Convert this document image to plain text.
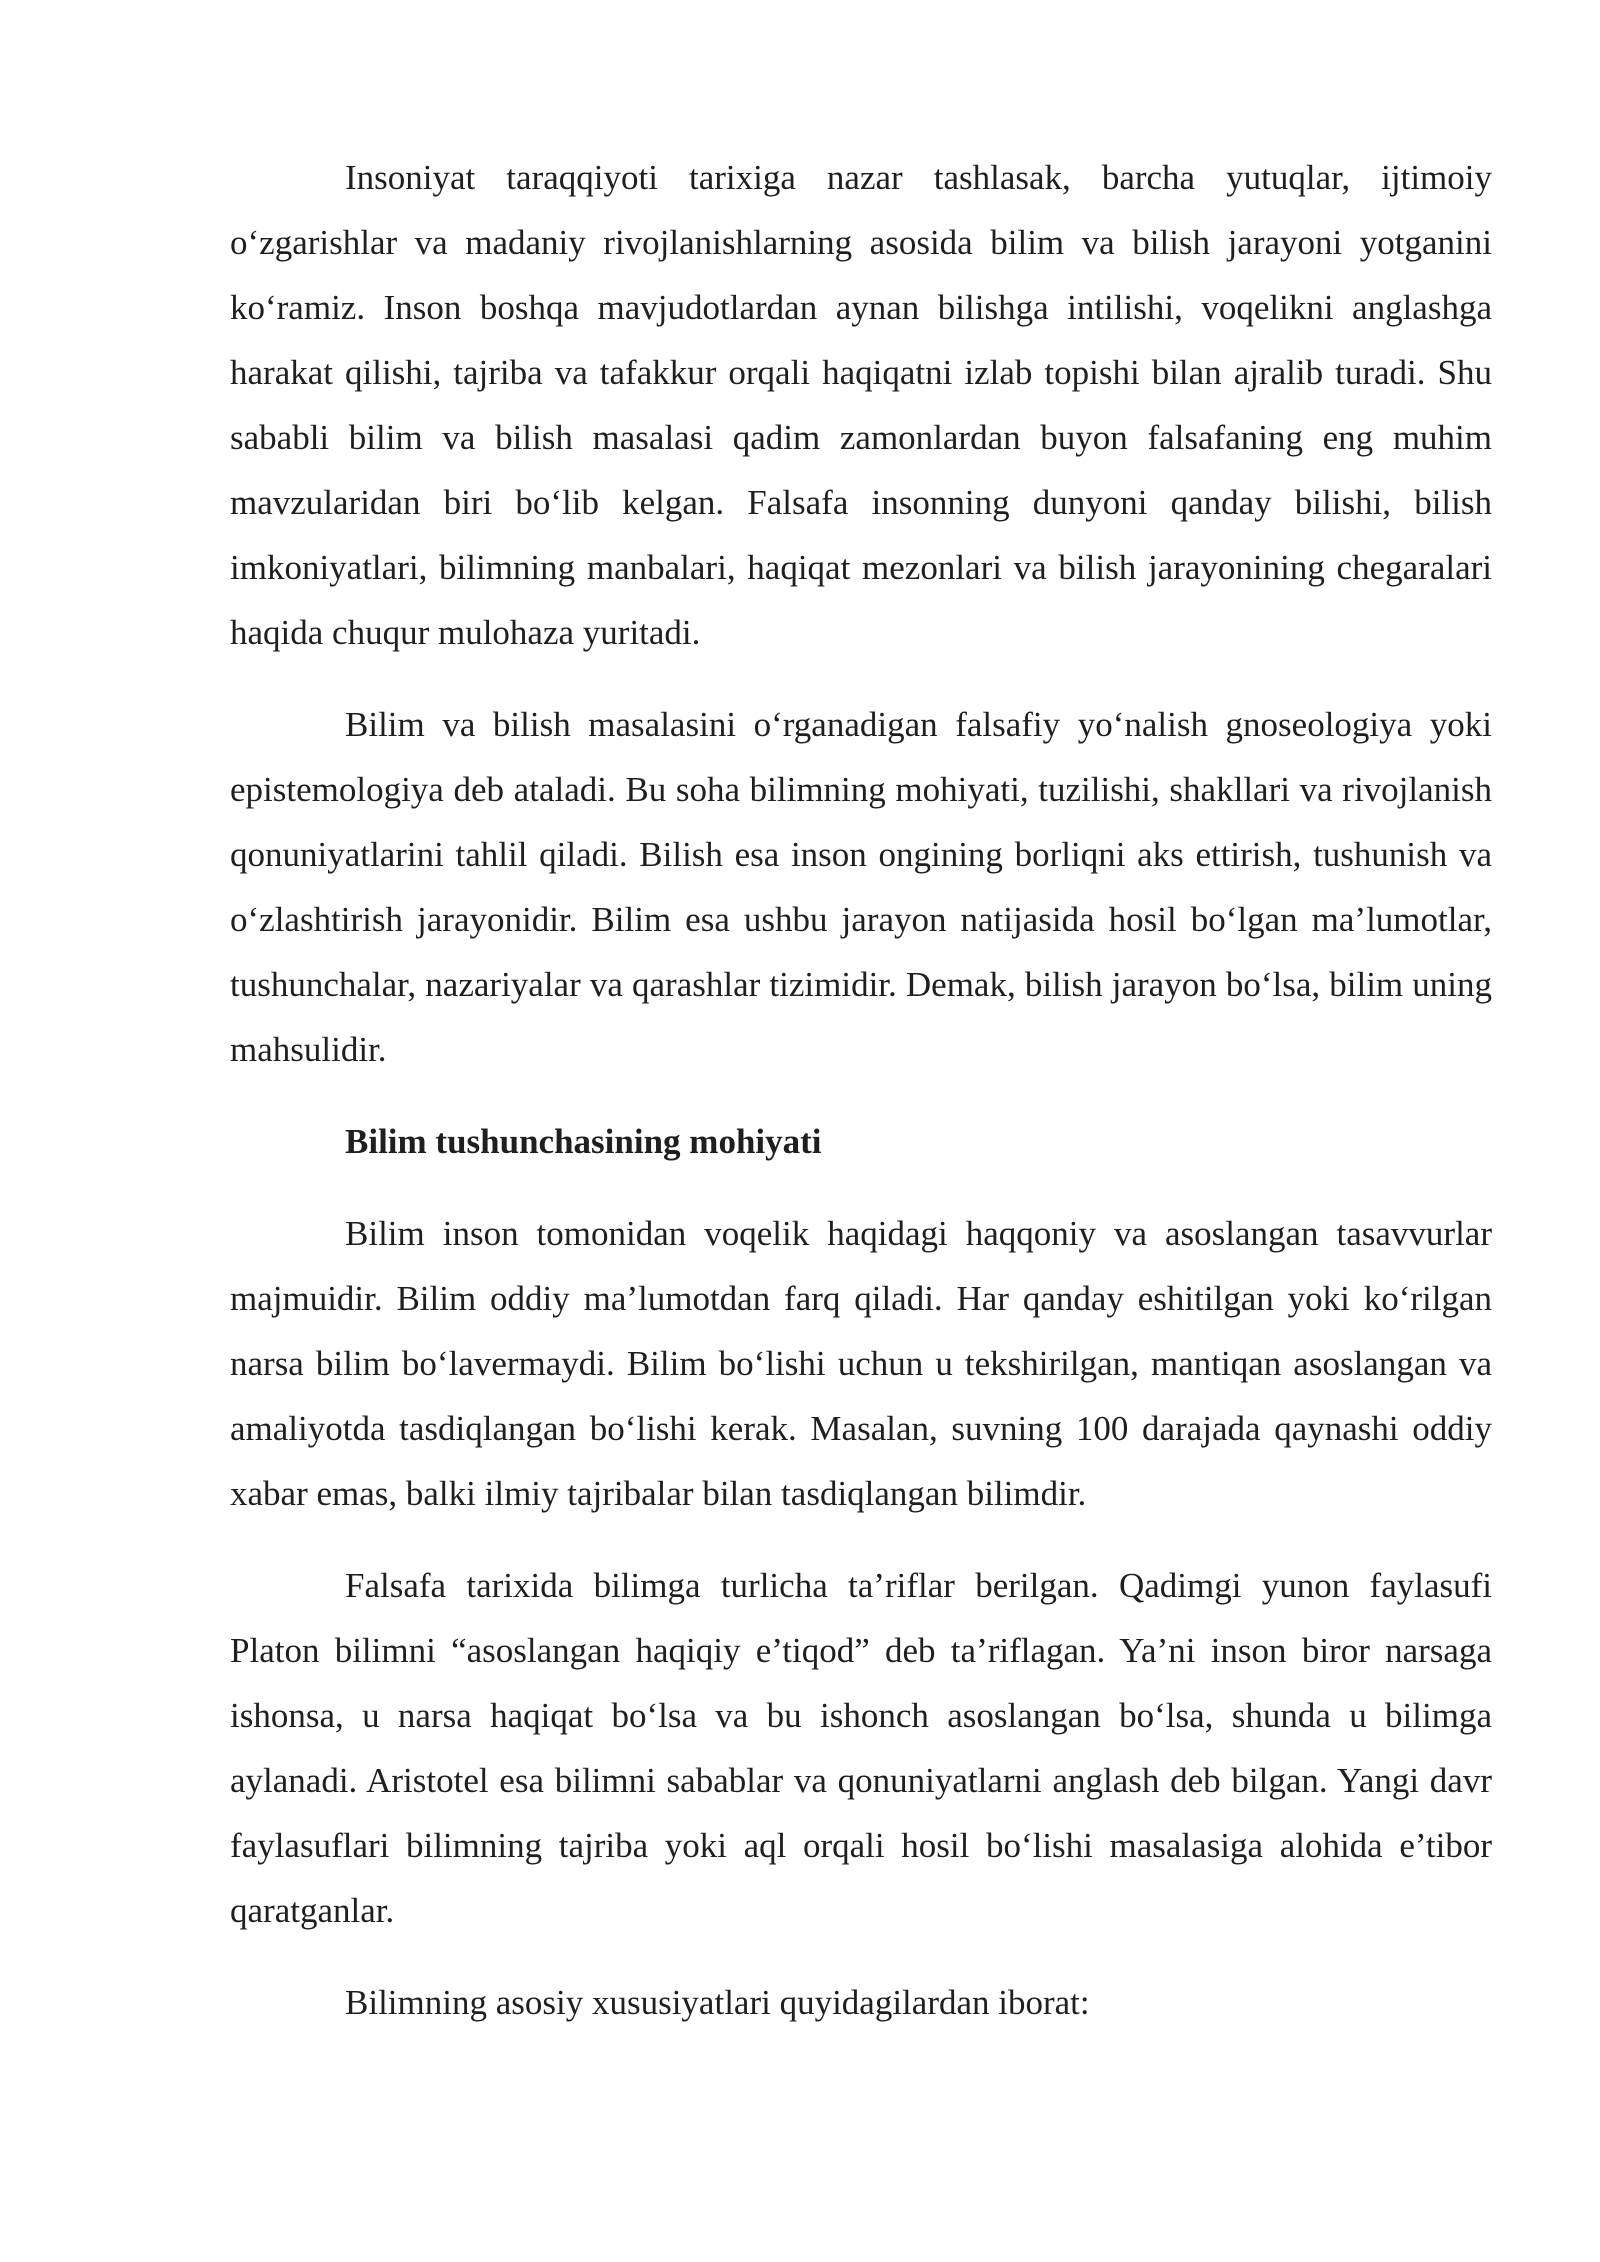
Insoniyat taraqqiyoti tarixiga nazar tashlasak, barcha yutuqlar, ijtimoiy o‘zgarishlar va madaniy rivojlanishlarning asosida bilim va bilish jarayoni yotganini ko‘ramiz. Inson boshqa mavjudotlardan aynan bilishga intilishi, voqelikni anglashga harakat qilishi, tajriba va tafakkur orqali haqiqatni izlab topishi bilan ajralib turadi. Shu sababli bilim va bilish masalasi qadim zamonlardan buyon falsafaning eng muhim mavzularidan biri bo‘lib kelgan. Falsafa insonning dunyoni qanday bilishi, bilish imkoniyatlari, bilimning manbalari, haqiqat mezonlari va bilish jarayonining chegaralari haqida chuqur mulohaza yuritadi.

Bilim va bilish masalasini o‘rganadigan falsafiy yo‘nalish gnoseologiya yoki epistemologiya deb ataladi. Bu soha bilimning mohiyati, tuzilishi, shakllari va rivojlanish qonuniyatlarini tahlil qiladi. Bilish esa inson ongining borliqni aks ettirish, tushunish va o‘zlashtirish jarayonidir. Bilim esa ushbu jarayon natijasida hosil bo‘lgan ma’lumotlar, tushunchalar, nazariyalar va qarashlar tizimidir. Demak, bilish jarayon bo‘lsa, bilim uning mahsulidir.

Bilim tushunchasining mohiyati

Bilim inson tomonidan voqelik haqidagi haqqoniy va asoslangan tasavvurlar majmuidir. Bilim oddiy ma’lumotdan farq qiladi. Har qanday eshitilgan yoki ko‘rilgan narsa bilim bo‘lavermaydi. Bilim bo‘lishi uchun u tekshirilgan, mantiqan asoslangan va amaliyotda tasdiqlangan bo‘lishi kerak. Masalan, suvning 100 darajada qaynashi oddiy xabar emas, balki ilmiy tajribalar bilan tasdiqlangan bilimdir.

Falsafa tarixida bilimga turlicha ta’riflar berilgan. Qadimgi yunon faylasufi Platon bilimni “asoslangan haqiqiy e’tiqod” deb ta’riflagan. Ya’ni inson biror narsaga ishonsa, u narsa haqiqat bo‘lsa va bu ishonch asoslangan bo‘lsa, shunda u bilimga aylanadi. Aristotel esa bilimni sabablar va qonuniyatlarni anglash deb bilgan. Yangi davr faylasuflari bilimning tajriba yoki aql orqali hosil bo‘lishi masalasiga alohida e’tibor qaratganlar.

Bilimning asosiy xususiyatlari quyidagilardan iborat:
